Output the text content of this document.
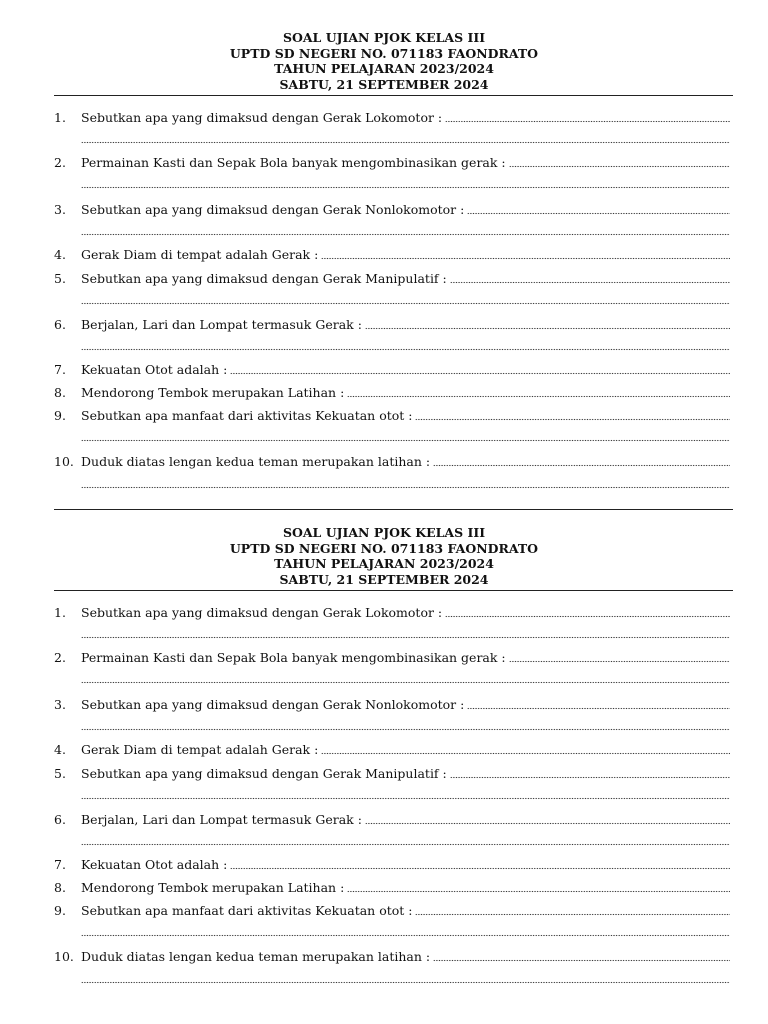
SOAL UJIAN PJOK KELAS III
UPTD SD NEGERI NO. 071183 FAONDRATO
TAHUN PELAJARAN 2023/2024
SABTU, 21 SEPTEMBER 2024
1. Sebutkan apa yang dimaksud dengan Gerak Lokomotor :
2. Permainan Kasti dan Sepak Bola banyak mengombinasikan gerak :
3. Sebutkan apa yang dimaksud dengan Gerak Nonlokomotor :
4. Gerak Diam di tempat adalah Gerak :
5. Sebutkan apa yang dimaksud dengan Gerak Manipulatif :
6. Berjalan, Lari dan Lompat termasuk Gerak :
7. Kekuatan Otot adalah :
8. Mendorong Tembok merupakan Latihan :
9. Sebutkan apa manfaat dari aktivitas Kekuatan otot :
10. Duduk diatas lengan kedua teman merupakan latihan :
SOAL UJIAN PJOK KELAS III
UPTD SD NEGERI NO. 071183 FAONDRATO
TAHUN PELAJARAN 2023/2024
SABTU, 21 SEPTEMBER 2024
1. Sebutkan apa yang dimaksud dengan Gerak Lokomotor :
2. Permainan Kasti dan Sepak Bola banyak mengombinasikan gerak :
3. Sebutkan apa yang dimaksud dengan Gerak Nonlokomotor :
4. Gerak Diam di tempat adalah Gerak :
5. Sebutkan apa yang dimaksud dengan Gerak Manipulatif :
6. Berjalan, Lari dan Lompat termasuk Gerak :
7. Kekuatan Otot adalah :
8. Mendorong Tembok merupakan Latihan :
9. Sebutkan apa manfaat dari aktivitas Kekuatan otot :
10. Duduk diatas lengan kedua teman merupakan latihan :
